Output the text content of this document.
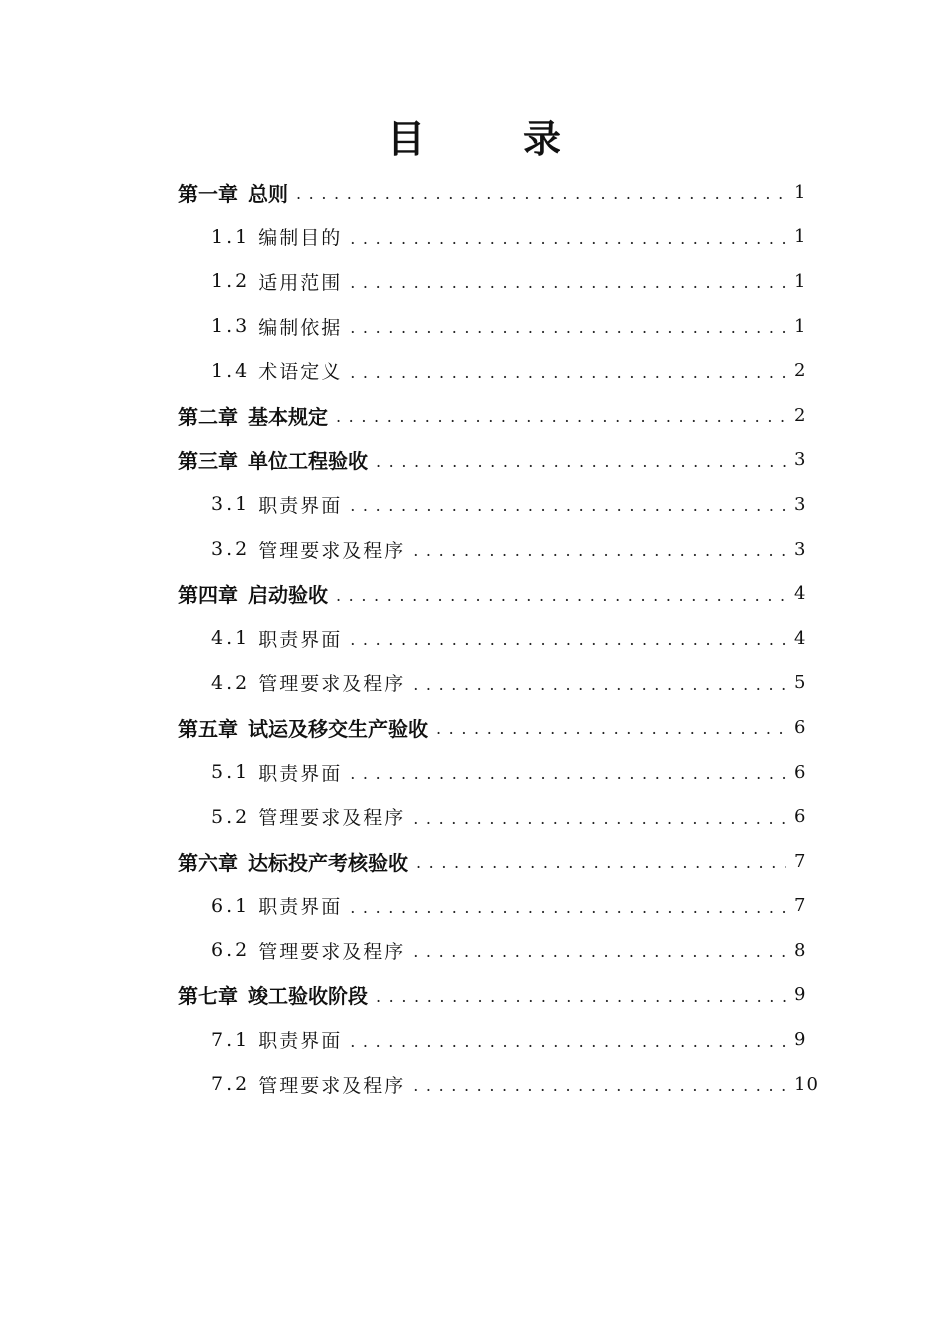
目　录
第一章 总则 .....	1
1.1 编制目的 .....	1
1.2 适用范围 .....	1
1.3 编制依据 .....	1
1.4 术语定义 .....	2
第二章 基本规定 .....	2
第三章 单位工程验收 .....	3
3.1 职责界面 .....	3
3.2 管理要求及程序 .....	3
第四章 启动验收 .....	4
4.1 职责界面 .....	4
4.2 管理要求及程序 .....	5
第五章 试运及移交生产验收 .....	6
5.1 职责界面 .....	6
5.2 管理要求及程序 .....	6
第六章 达标投产考核验收 .....	7
6.1 职责界面 .....	7
6.2 管理要求及程序 .....	8
第七章 竣工验收阶段 .....	9
7.1 职责界面 .....	9
7.2 管理要求及程序 .....	10
